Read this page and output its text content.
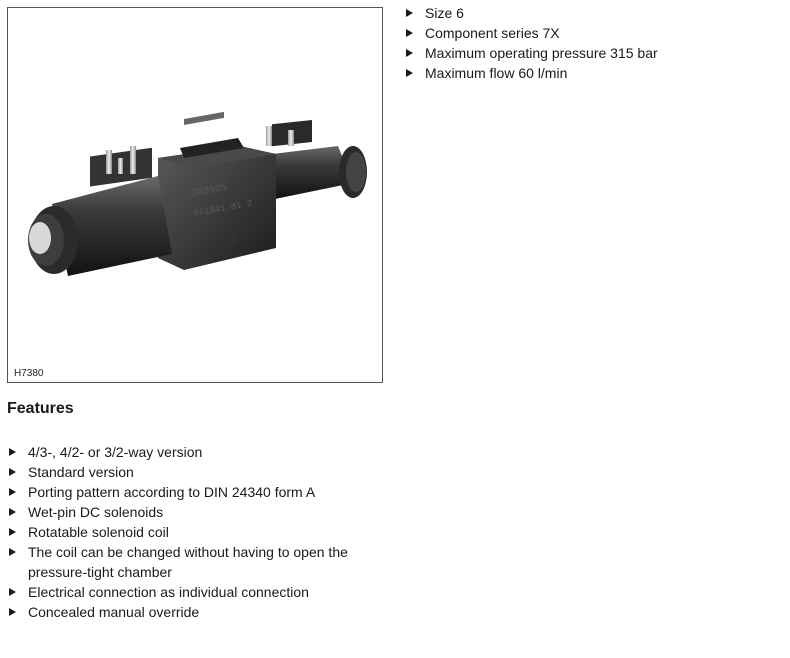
388925
R61841 81 2
H7380
Size 6
Component series 7X
Maximum operating pressure 315 bar
Maximum flow 60 l/min
Features
4/3-, 4/2- or 3/2-way version
Standard version
Porting pattern according to DIN 24340 form A
Wet-pin DC solenoids
Rotatable solenoid coil
The coil can be changed without having to open the pressure-tight chamber
Electrical connection as individual connection
Concealed manual override
